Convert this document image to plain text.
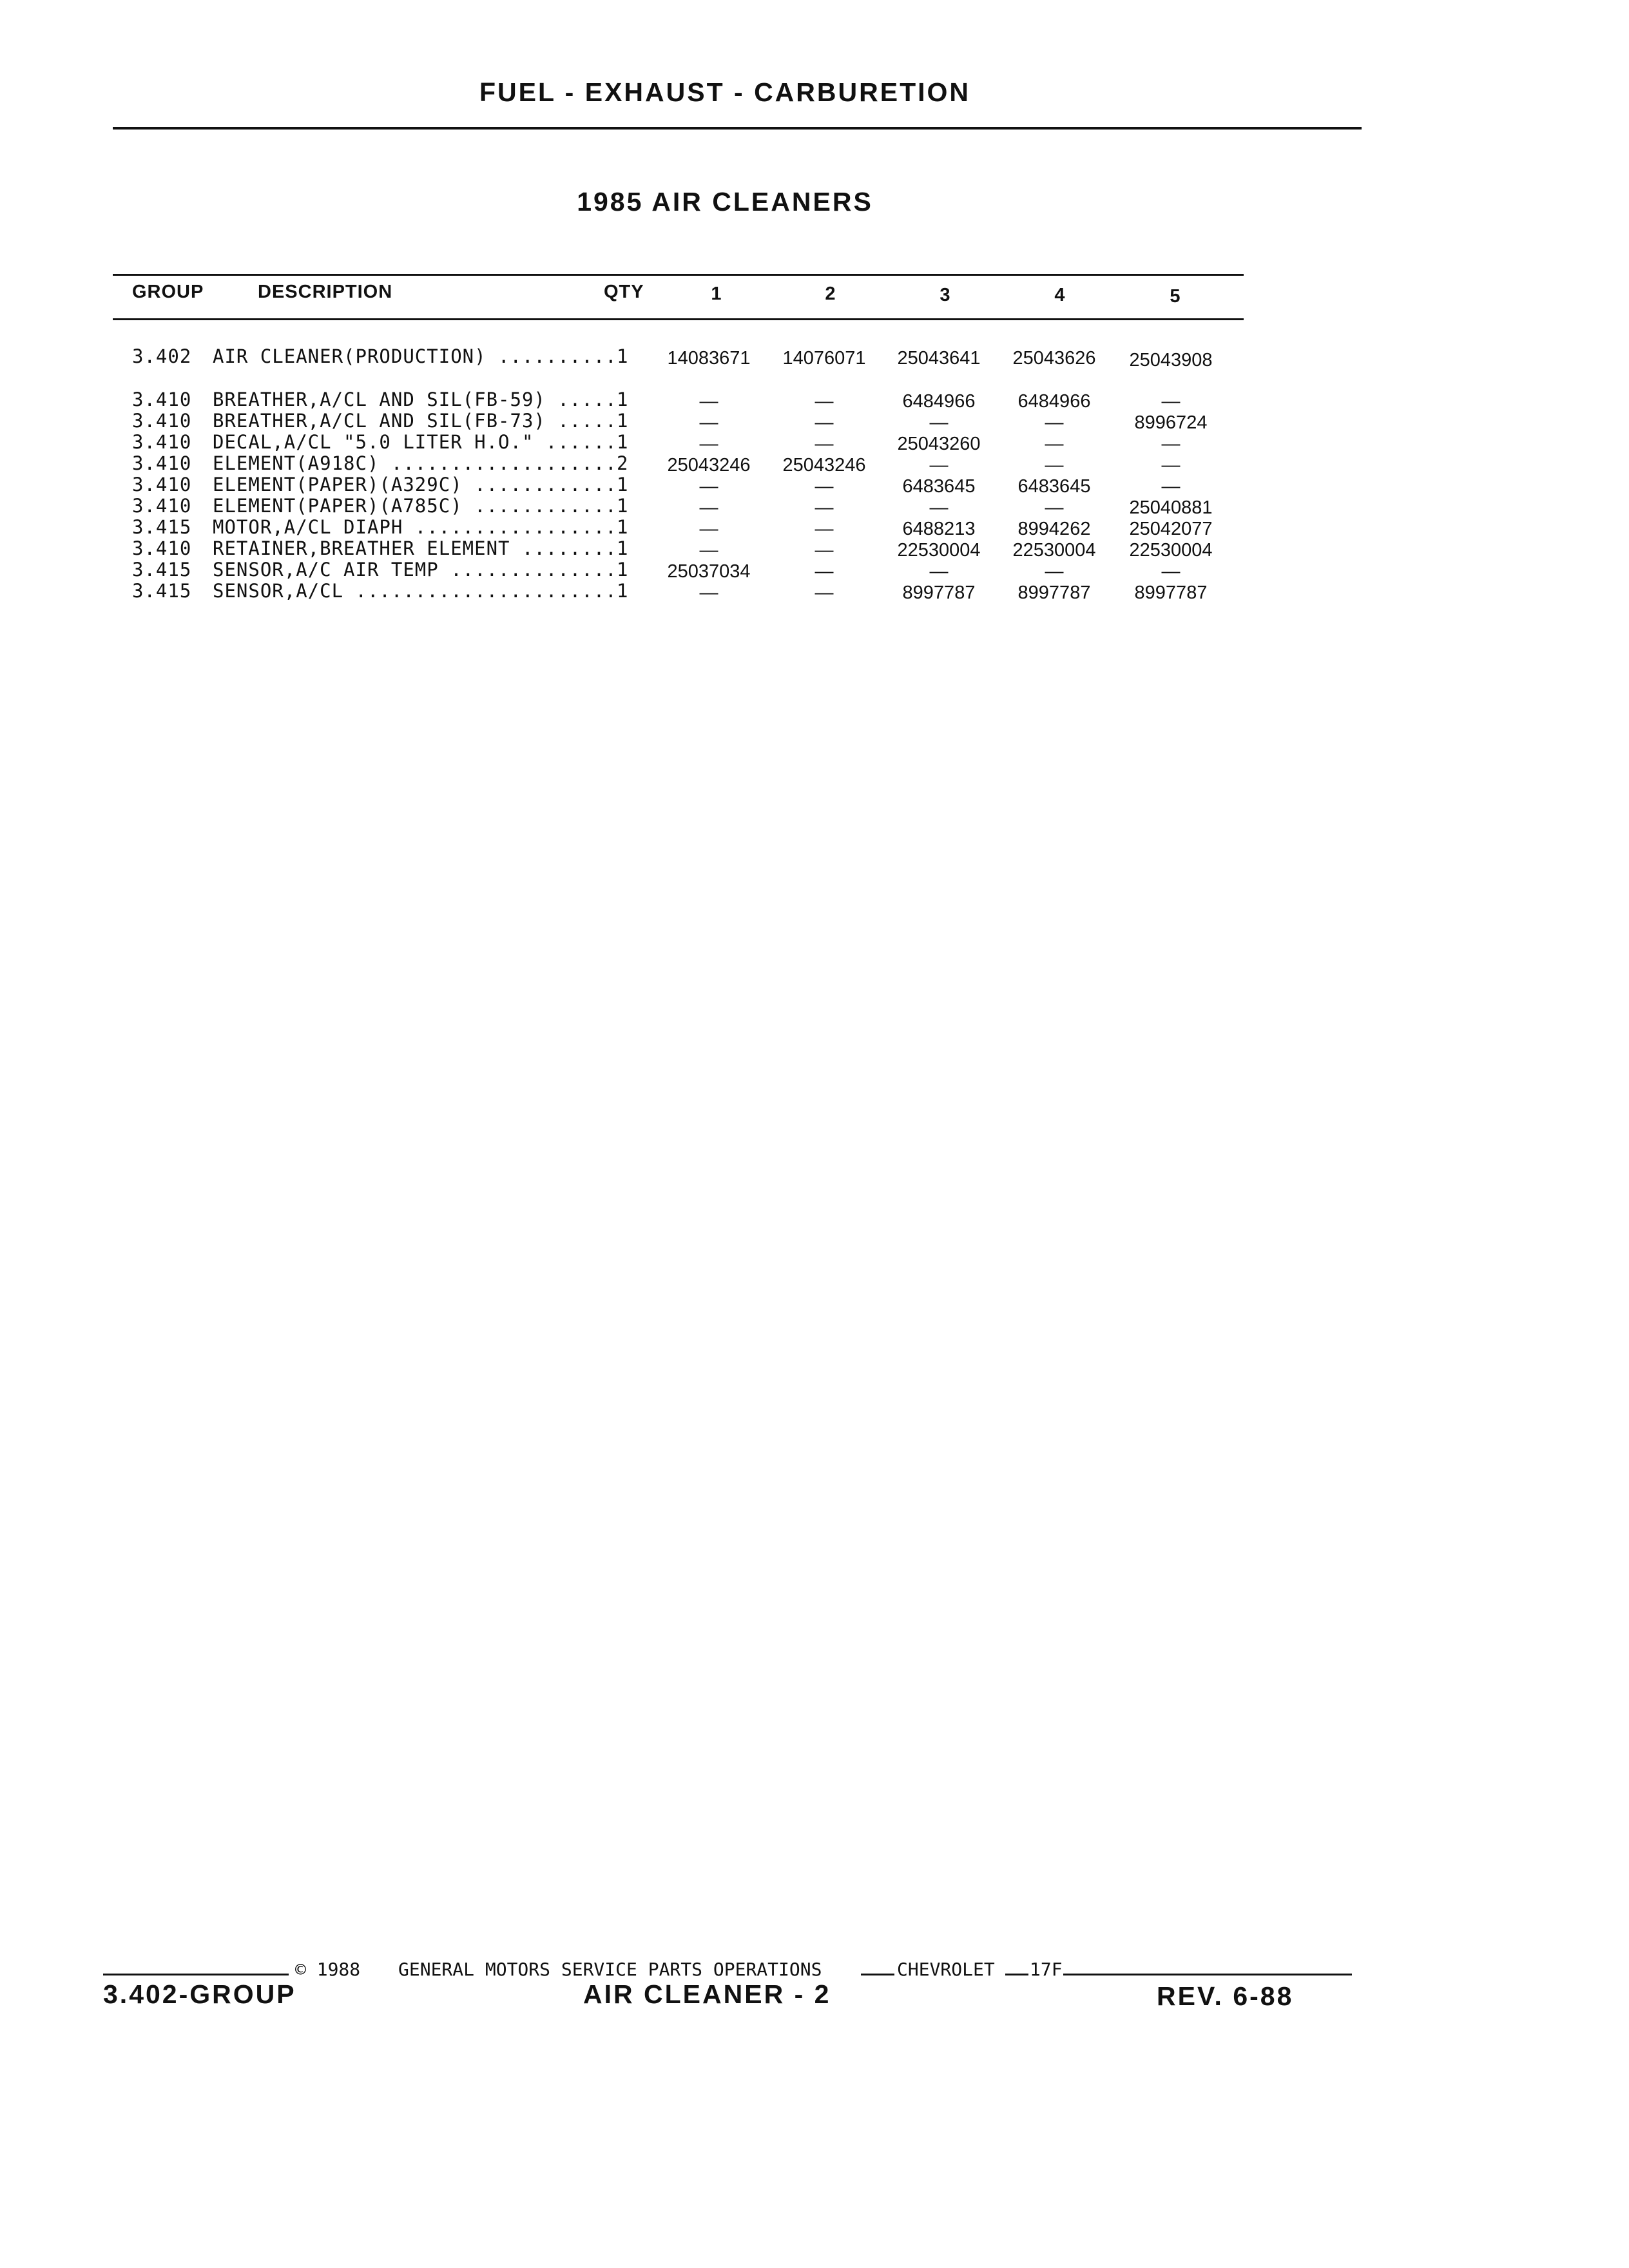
FUEL - EXHAUST - CARBURETION
1985 AIR CLEANERS
GROUP	DESCRIPTION	QTY	1	2	3	4	5
3.402 AIR CLEANER(PRODUCTION) .......... 1	14083671	14076071	25043641	25043626	25043908
3.410 BREATHER,A/CL AND SIL(FB-59) ..... 1	—	—	6484966	6484966	—
3.410 BREATHER,A/CL AND SIL(FB-73) ..... 1	—	—	—	—	8996724
3.410 DECAL,A/CL "5.0 LITER H.O." ...... 1	—	—	25043260	—	—
3.410 ELEMENT(A918C) ................... 2	25043246	25043246	—	—	—
3.410 ELEMENT(PAPER)(A329C) ............ 1	—	—	6483645	6483645	—
3.410 ELEMENT(PAPER)(A785C) ............ 1	—	—	—	—	25040881
3.415 MOTOR,A/CL DIAPH ................. 1	—	—	6488213	8994262	25042077
3.410 RETAINER,BREATHER ELEMENT ........ 1	—	—	22530004	22530004	22530004
3.415 SENSOR,A/C AIR TEMP .............. 1	25037034	—	—	—	—
3.415 SENSOR,A/CL ...................... 1	—	—	8997787	8997787	8997787
© 1988 GENERAL MOTORS SERVICE PARTS OPERATIONS	CHEVROLET 17F
3.402-GROUP	AIR CLEANER - 2	REV. 6-88
